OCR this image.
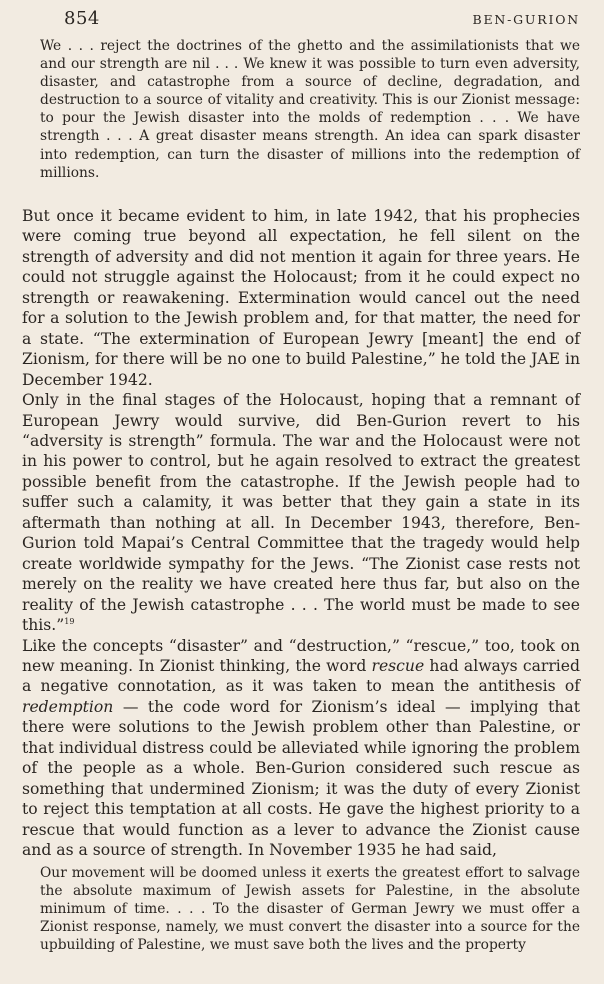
854	BEN-GURION
We . . . reject the doctrines of the ghetto and the assimilationists that we and our strength are nil . . . We knew it was possible to turn even adversity, disaster, and catastrophe from a source of decline, degradation, and destruction to a source of vitality and creativity. This is our Zionist message: to pour the Jewish disaster into the molds of redemption . . . We have strength . . . A great disaster means strength. An idea can spark disaster into redemption, can turn the disaster of millions into the redemption of millions.

But once it became evident to him, in late 1942, that his prophecies were coming true beyond all expectation, he fell silent on the strength of adversity and did not mention it again for three years. He could not struggle against the Holocaust; from it he could expect no strength or reawakening. Extermination would cancel out the need for a solution to the Jewish problem and, for that matter, the need for a state. “The extermination of European Jewry [meant] the end of Zionism, for there will be no one to build Palestine,” he told the JAE in December 1942.

Only in the final stages of the Holocaust, hoping that a remnant of European Jewry would survive, did Ben-Gurion revert to his “adversity is strength” formula. The war and the Holocaust were not in his power to control, but he again resolved to extract the greatest possible benefit from the catastrophe. If the Jewish people had to suffer such a calamity, it was better that they gain a state in its aftermath than nothing at all. In December 1943, therefore, Ben-Gurion told Mapai’s Central Committee that the tragedy would help create worldwide sympathy for the Jews. “The Zionist case rests not merely on the reality we have created here thus far, but also on the reality of the Jewish catastrophe . . . The world must be made to see this.”$^{19}$

Like the concepts “disaster” and “destruction,” “rescue,” too, took on new meaning. In Zionist thinking, the word rescue had always carried a negative connotation, as it was taken to mean the antithesis of redemption — the code word for Zionism’s ideal — implying that there were solutions to the Jewish problem other than Palestine, or that individual distress could be alleviated while ignoring the problem of the people as a whole. Ben-Gurion considered such rescue as something that undermined Zionism; it was the duty of every Zionist to reject this temptation at all costs. He gave the highest priority to a rescue that would function as a lever to advance the Zionist cause and as a source of strength. In November 1935 he had said,

Our movement will be doomed unless it exerts the greatest effort to salvage the absolute maximum of Jewish assets for Palestine, in the absolute minimum of time. . . . To the disaster of German Jewry we must offer a Zionist response, namely, we must convert the disaster into a source for the upbuilding of Palestine, we must save both the lives and the property
